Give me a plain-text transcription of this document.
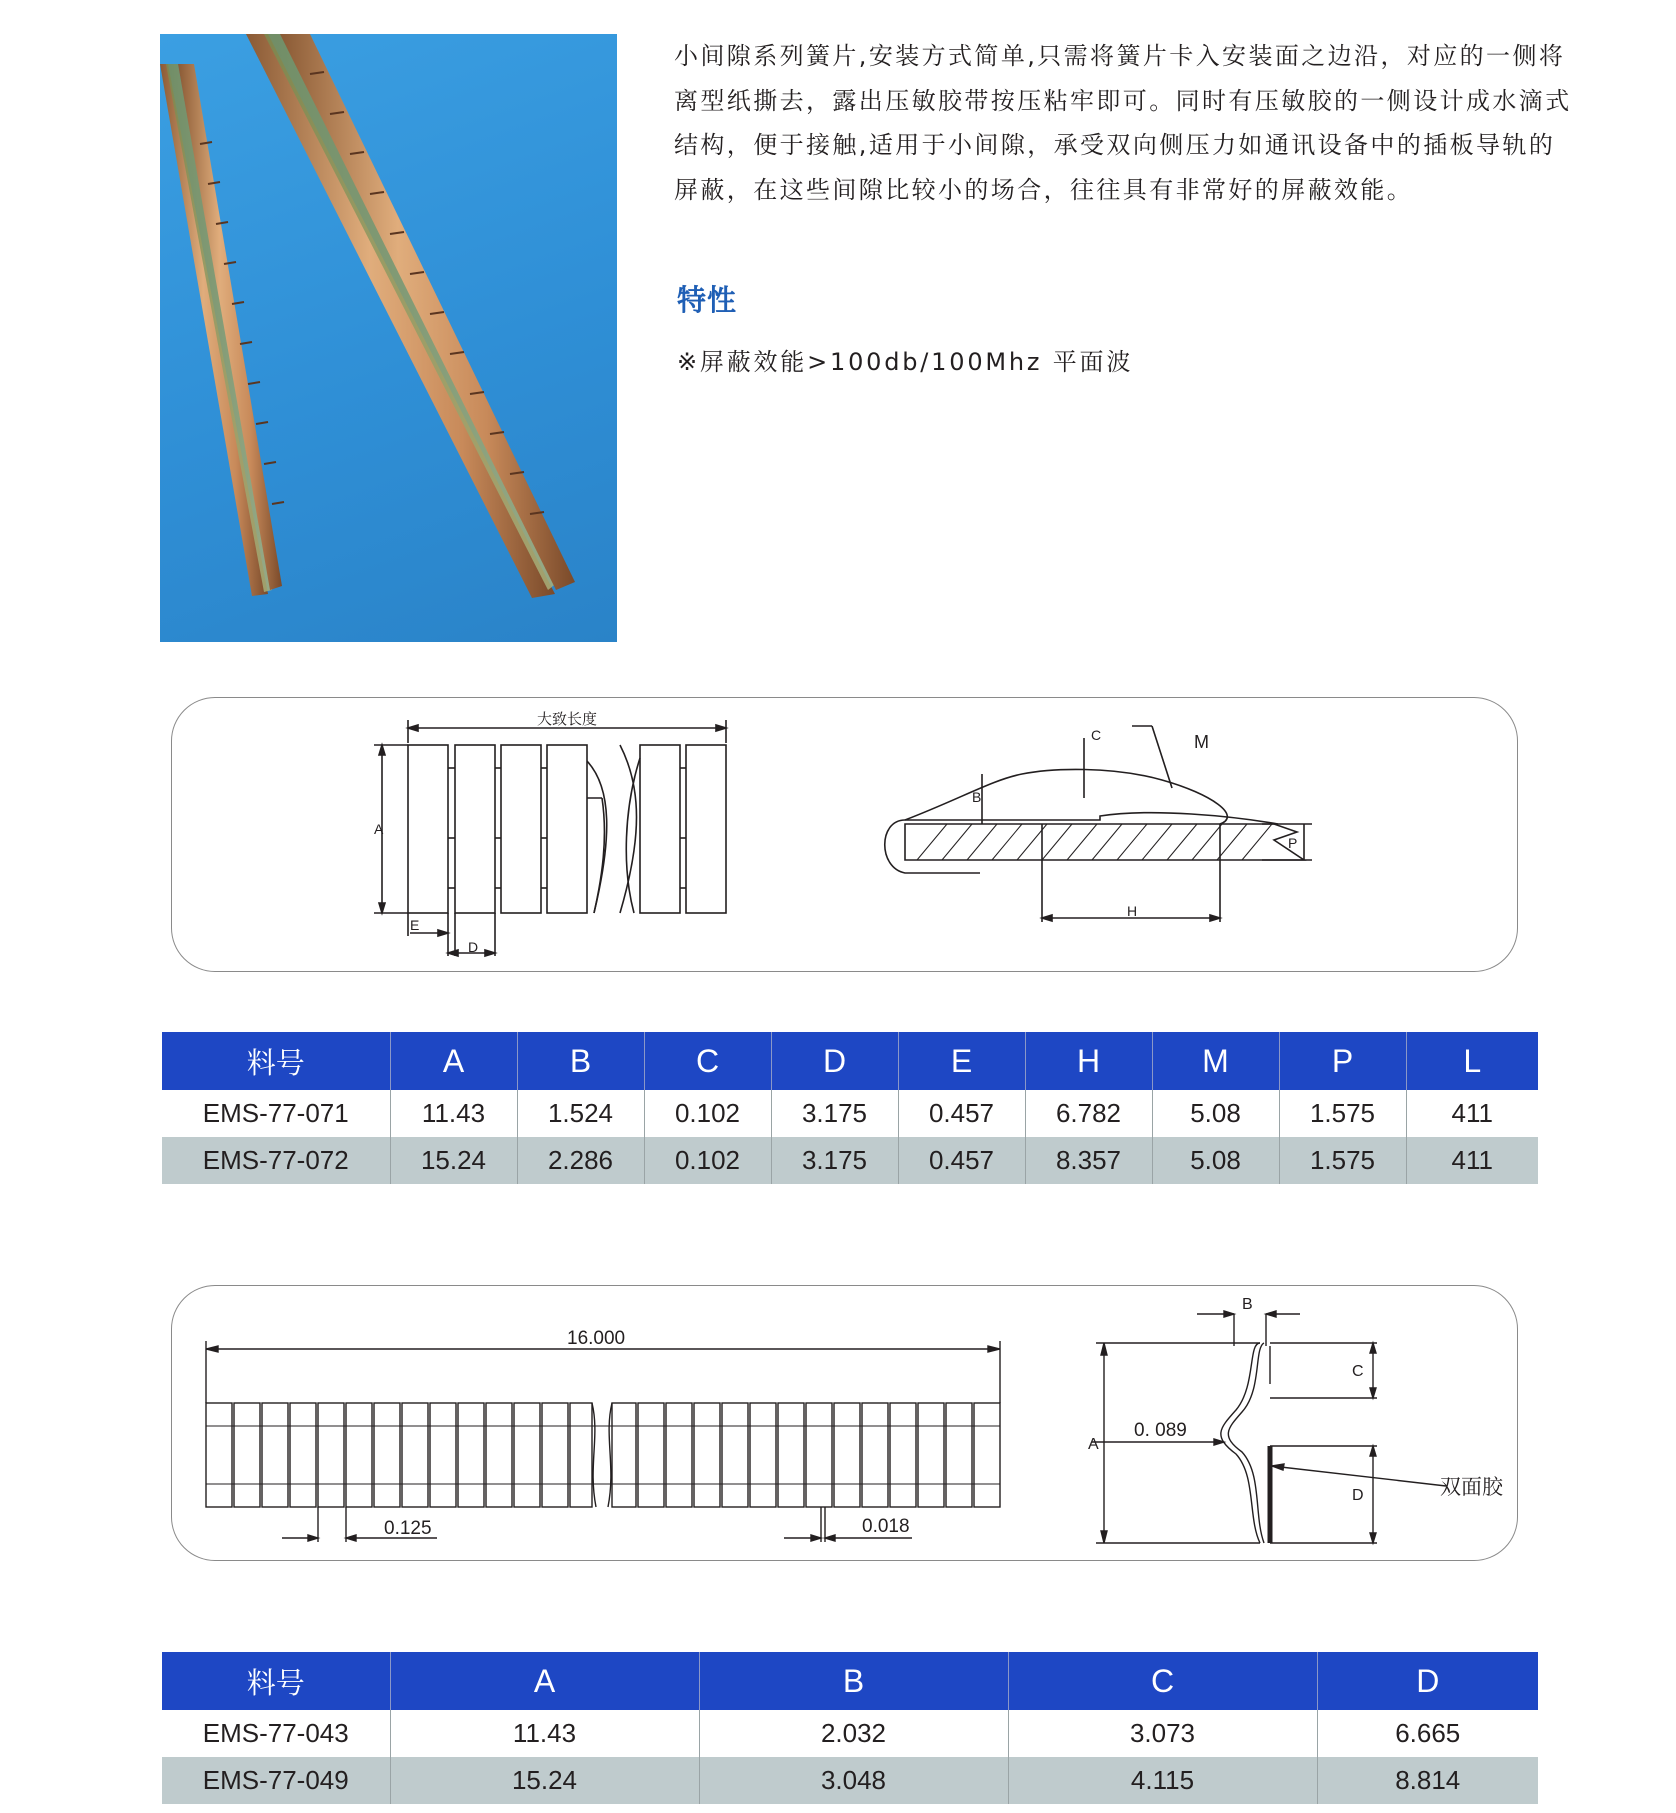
小间隙系列簧片,安装方式简单,只需将簧片卡入安装面之边沿，对应的一侧将离型纸撕去，露出压敏胶带按压粘牢即可。同时有压敏胶的一侧设计成水滴式结构，便于接触,适用于小间隙，承受双向侧压力如通讯设备中的插板导轨的屏蔽，在这些间隙比较小的场合，往往具有非常好的屏蔽效能。

特性

※屏蔽效能>100db/100Mhz 平面波

大致长度
A
E
D
C	M
B
P
H
料号	A	B	C	D	E	H	M	P	L
EMS-77-071	11.43	1.524	0.102	3.175	0.457	6.782	5.08	1.575	411
EMS-77-072	15.24	2.286	0.102	3.175	0.457	8.357	5.08	1.575	411
16.000
0.125	0.018
0. 089
双面胶
A
B
C
D
料号	A	B	C	D
EMS-77-043	11.43	2.032	3.073	6.665
EMS-77-049	15.24	3.048	4.115	8.814
